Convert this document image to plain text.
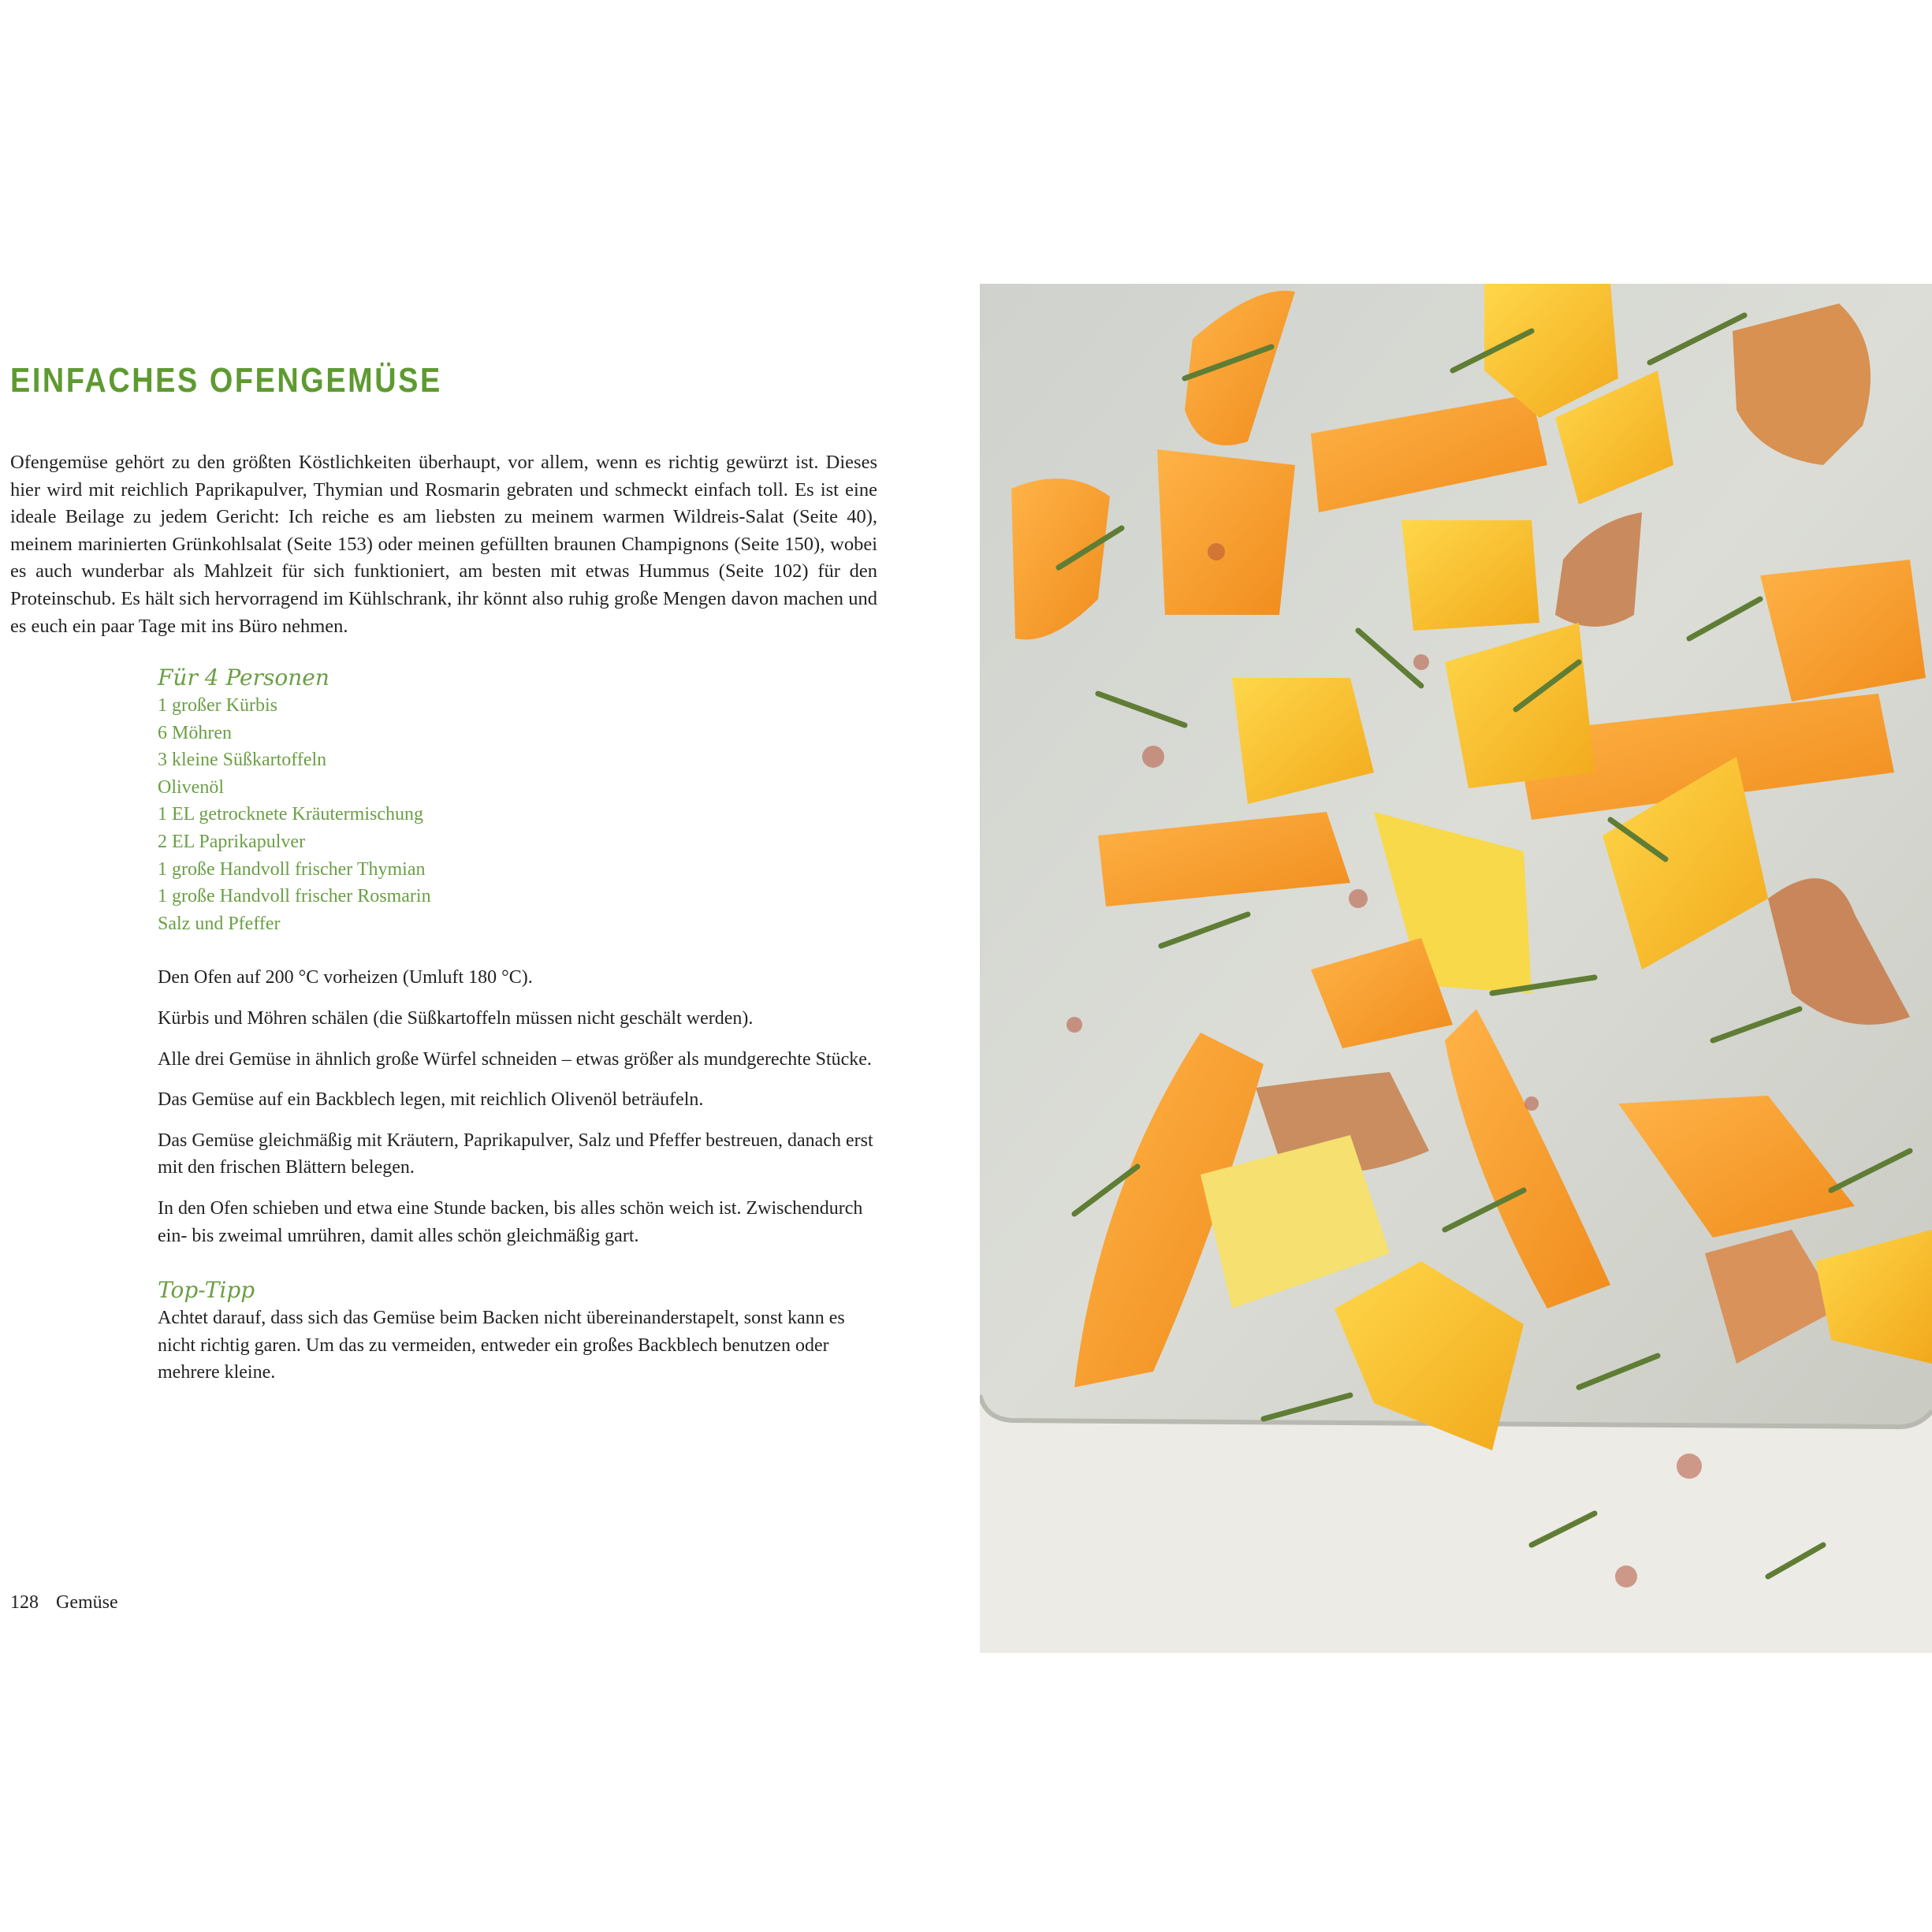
EINFACHES OFENGEMÜSE

Ofengemüse gehört zu den größten Köstlichkeiten überhaupt, vor allem, wenn es richtig gewürzt ist. Dieses hier wird mit reichlich Paprikapulver, Thymian und Rosmarin gebraten und schmeckt einfach toll. Es ist eine ideale Beilage zu jedem Gericht: Ich reiche es am liebsten zu meinem warmen Wildreis-Salat (Seite 40), meinem marinierten Grünkohlsalat (Seite 153) oder meinen gefüllten braunen Champignons (Seite 150), wobei es auch wunderbar als Mahlzeit für sich funktioniert, am besten mit etwas Hummus (Seite 102) für den Proteinschub. Es hält sich hervorragend im Kühlschrank, ihr könnt also ruhig große Mengen davon machen und es euch ein paar Tage mit ins Büro nehmen.

Für 4 Personen
1 großer Kürbis
6 Möhren
3 kleine Süßkartoffeln
Olivenöl
1 EL getrocknete Kräutermischung
2 EL Paprikapulver
1 große Handvoll frischer Thymian
1 große Handvoll frischer Rosmarin
Salz und Pfeffer

Den Ofen auf 200 °C vorheizen (Umluft 180 °C).

Kürbis und Möhren schälen (die Süßkartoffeln müssen nicht geschält werden).

Alle drei Gemüse in ähnlich große Würfel schneiden – etwas größer als mundgerechte Stücke.

Das Gemüse auf ein Backblech legen, mit reichlich Olivenöl beträufeln.

Das Gemüse gleichmäßig mit Kräutern, Paprikapulver, Salz und Pfeffer bestreuen, danach erst mit den frischen Blättern belegen.

In den Ofen schieben und etwa eine Stunde backen, bis alles schön weich ist. Zwischendurch ein- bis zweimal umrühren, damit alles schön gleichmäßig gart.

Top-Tipp

Achtet darauf, dass sich das Gemüse beim Backen nicht übereinanderstapelt, sonst kann es nicht richtig garen. Um das zu vermeiden, entweder ein großes Backblech benutzen oder mehrere kleine.

128 Gemüse
